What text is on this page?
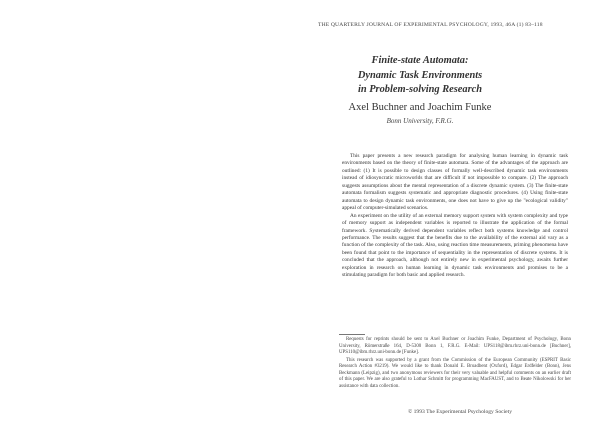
THE QUARTERLY JOURNAL OF EXPERIMENTAL PSYCHOLOGY, 1993, 46A (1) 83–118
Finite-state Automata:
Dynamic Task Environments
in Problem-solving Research
Axel Buchner and Joachim Funke
Bonn University, F.R.G.

This paper presents a new research paradigm for analysing human learning in dynamic task environments based on the theory of finite-state automata. Some of the advantages of the approach are outlined: (1) It is possible to design classes of formally well-described dynamic task environments instead of idiosyncratic microworlds that are difficult if not impossible to compare. (2) The approach suggests assumptions about the mental representation of a discrete dynamic system. (3) The finite-state automata formalism suggests systematic and appropriate diagnostic procedures. (4) Using finite-state automata to design dynamic task environments, one does not have to give up the "ecological validity" appeal of computer-simulated scenarios.

An experiment on the utility of an external memory support system with system complexity and type of memory support as independent variables is reported to illustrate the application of the formal framework. Systematically derived dependent variables reflect both systems knowledge and control performance. The results suggest that the benefits due to the availability of the external aid vary as a function of the complexity of the task. Also, using reaction time measurements, priming phenomena have been found that point to the importance of sequentiality in the representation of discrete systems. It is concluded that the approach, although not entirely new in experimental psychology, awaits further exploration in research on human learning in dynamic task environments and promises to be a stimulating paradigm for both basic and applied research.

Requests for reprints should be sent to Axel Buchner or Joachim Funke, Department of Psychology, Bonn University, Römerstraße 164, D-5300 Bonn 1, F.R.G. E-Mail: UPS118@ibm.rhrz.uni-bonn.de [Buchner], UPS110@ibm.rhrz.uni-bonn.de [Funke].

This research was supported by a grant from the Commission of the European Community (ESPRIT Basic Research Action #3219). We would like to thank Donald E. Broadbent (Oxford), Edgar Erdfelder (Bonn), Jens Beckmann (Leipzig), and two anonymous reviewers for their very valuable and helpful comments on an earlier draft of this paper. We are also grateful to Lothar Schmitt for programming MacFAUST, and to Beate Nikolowski for her assistance with data collection.

© 1993 The Experimental Psychology Society
